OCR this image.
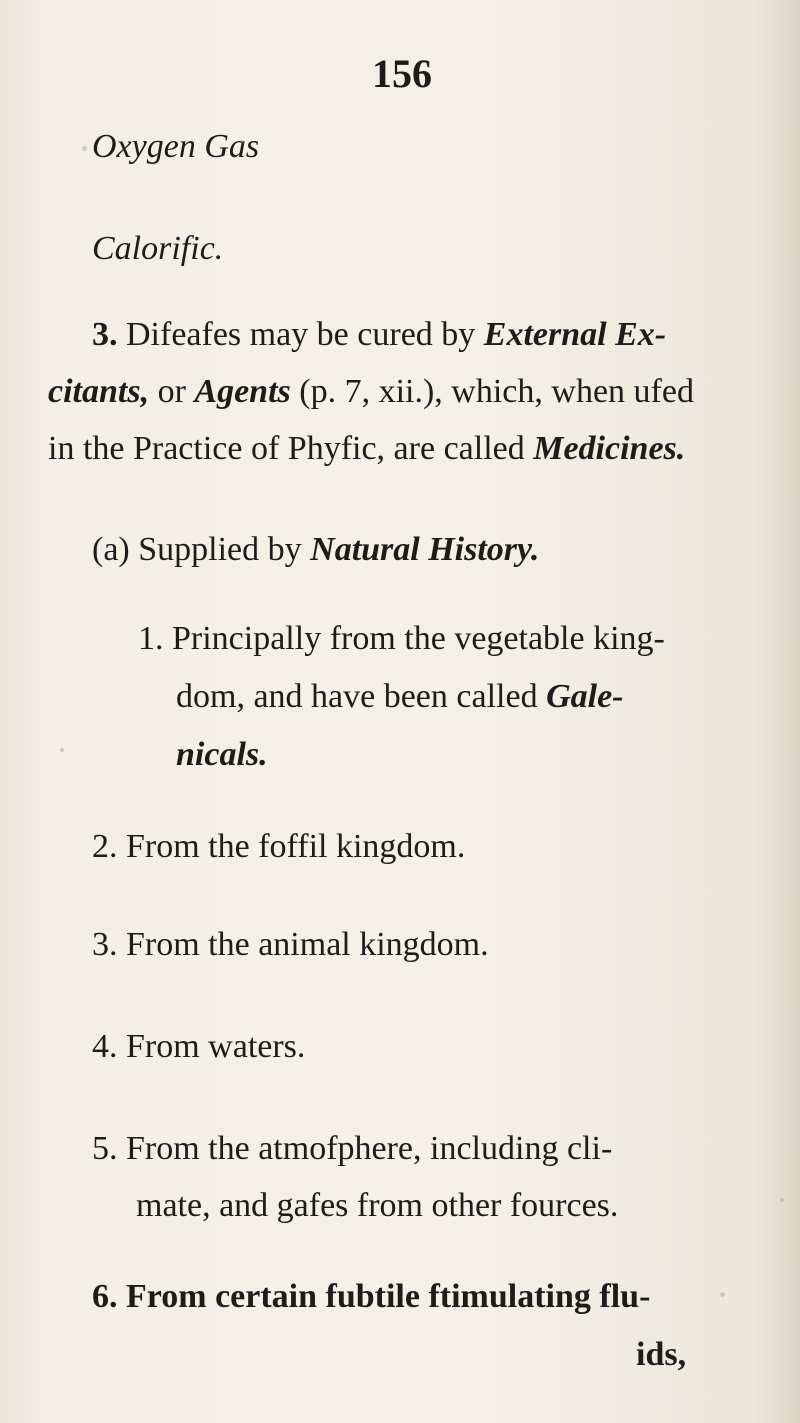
156
Oxygen Gas
Calorific.
3. Difeafes may be cured by External Ex-
citants, or Agents (p. 7, xii.), which, when ufed
in the Practice of Phyfic, are called Medicines.
(a) Supplied by Natural History.
1. Principally from the vegetable king-
dom, and have been called Gale-
nicals.
2. From the foffil kingdom.
3. From the animal kingdom.
4. From waters.
5. From the atmofphere, including cli-
mate, and gafes from other fources.
6. From certain fubtile ftimulating flu-
ids,
